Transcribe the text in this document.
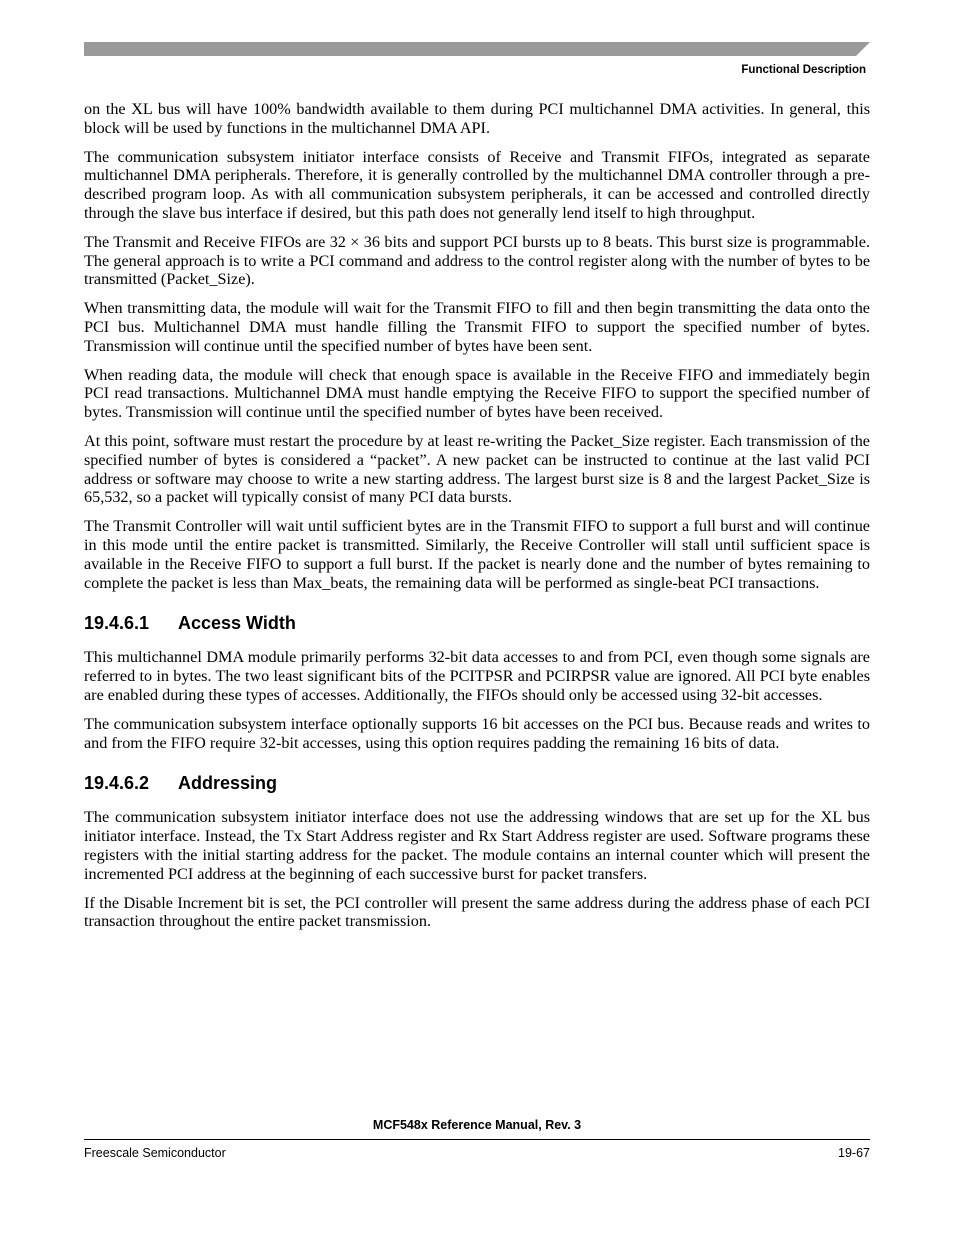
Functional Description

on the XL bus will have 100% bandwidth available to them during PCI multichannel DMA activities. In general, this block will be used by functions in the multichannel DMA API.

The communication subsystem initiator interface consists of Receive and Transmit FIFOs, integrated as separate multichannel DMA peripherals. Therefore, it is generally controlled by the multichannel DMA controller through a pre-described program loop. As with all communication subsystem peripherals, it can be accessed and controlled directly through the slave bus interface if desired, but this path does not generally lend itself to high throughput.

The Transmit and Receive FIFOs are 32 × 36 bits and support PCI bursts up to 8 beats. This burst size is programmable. The general approach is to write a PCI command and address to the control register along with the number of bytes to be transmitted (Packet_Size).

When transmitting data, the module will wait for the Transmit FIFO to fill and then begin transmitting the data onto the PCI bus. Multichannel DMA must handle filling the Transmit FIFO to support the specified number of bytes. Transmission will continue until the specified number of bytes have been sent.

When reading data, the module will check that enough space is available in the Receive FIFO and immediately begin PCI read transactions. Multichannel DMA must handle emptying the Receive FIFO to support the specified number of bytes. Transmission will continue until the specified number of bytes have been received.

At this point, software must restart the procedure by at least re-writing the Packet_Size register. Each transmission of the specified number of bytes is considered a “packet”. A new packet can be instructed to continue at the last valid PCI address or software may choose to write a new starting address. The largest burst size is 8 and the largest Packet_Size is 65,532, so a packet will typically consist of many PCI data bursts.

The Transmit Controller will wait until sufficient bytes are in the Transmit FIFO to support a full burst and will continue in this mode until the entire packet is transmitted. Similarly, the Receive Controller will stall until sufficient space is available in the Receive FIFO to support a full burst. If the packet is nearly done and the number of bytes remaining to complete the packet is less than Max_beats, the remaining data will be performed as single-beat PCI transactions.

19.4.6.1 Access Width

This multichannel DMA module primarily performs 32-bit data accesses to and from PCI, even though some signals are referred to in bytes. The two least significant bits of the PCITPSR and PCIRPSR value are ignored. All PCI byte enables are enabled during these types of accesses. Additionally, the FIFOs should only be accessed using 32-bit accesses.

The communication subsystem interface optionally supports 16 bit accesses on the PCI bus. Because reads and writes to and from the FIFO require 32-bit accesses, using this option requires padding the remaining 16 bits of data.

19.4.6.2 Addressing

The communication subsystem initiator interface does not use the addressing windows that are set up for the XL bus initiator interface. Instead, the Tx Start Address register and Rx Start Address register are used. Software programs these registers with the initial starting address for the packet. The module contains an internal counter which will present the incremented PCI address at the beginning of each successive burst for packet transfers.

If the Disable Increment bit is set, the PCI controller will present the same address during the address phase of each PCI transaction throughout the entire packet transmission.

MCF548x Reference Manual, Rev. 3
Freescale Semiconductor	19-67
